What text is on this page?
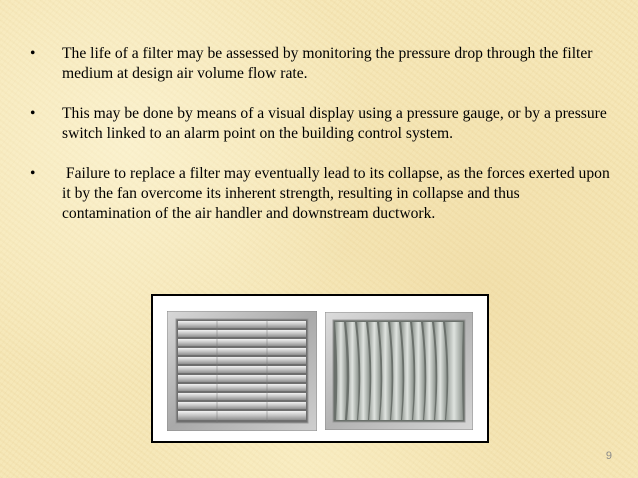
•	The life of a filter may be assessed by monitoring the pressure drop through the filter medium at design air volume flow rate.
•	This may be done by means of a visual display using a pressure gauge, or by a pressure switch linked to an alarm point on the building control system.
•	Failure to replace a filter may eventually lead to its collapse, as the forces exerted upon it by the fan overcome its inherent strength, resulting in collapse and thus contamination of the air handler and downstream ductwork.
9
